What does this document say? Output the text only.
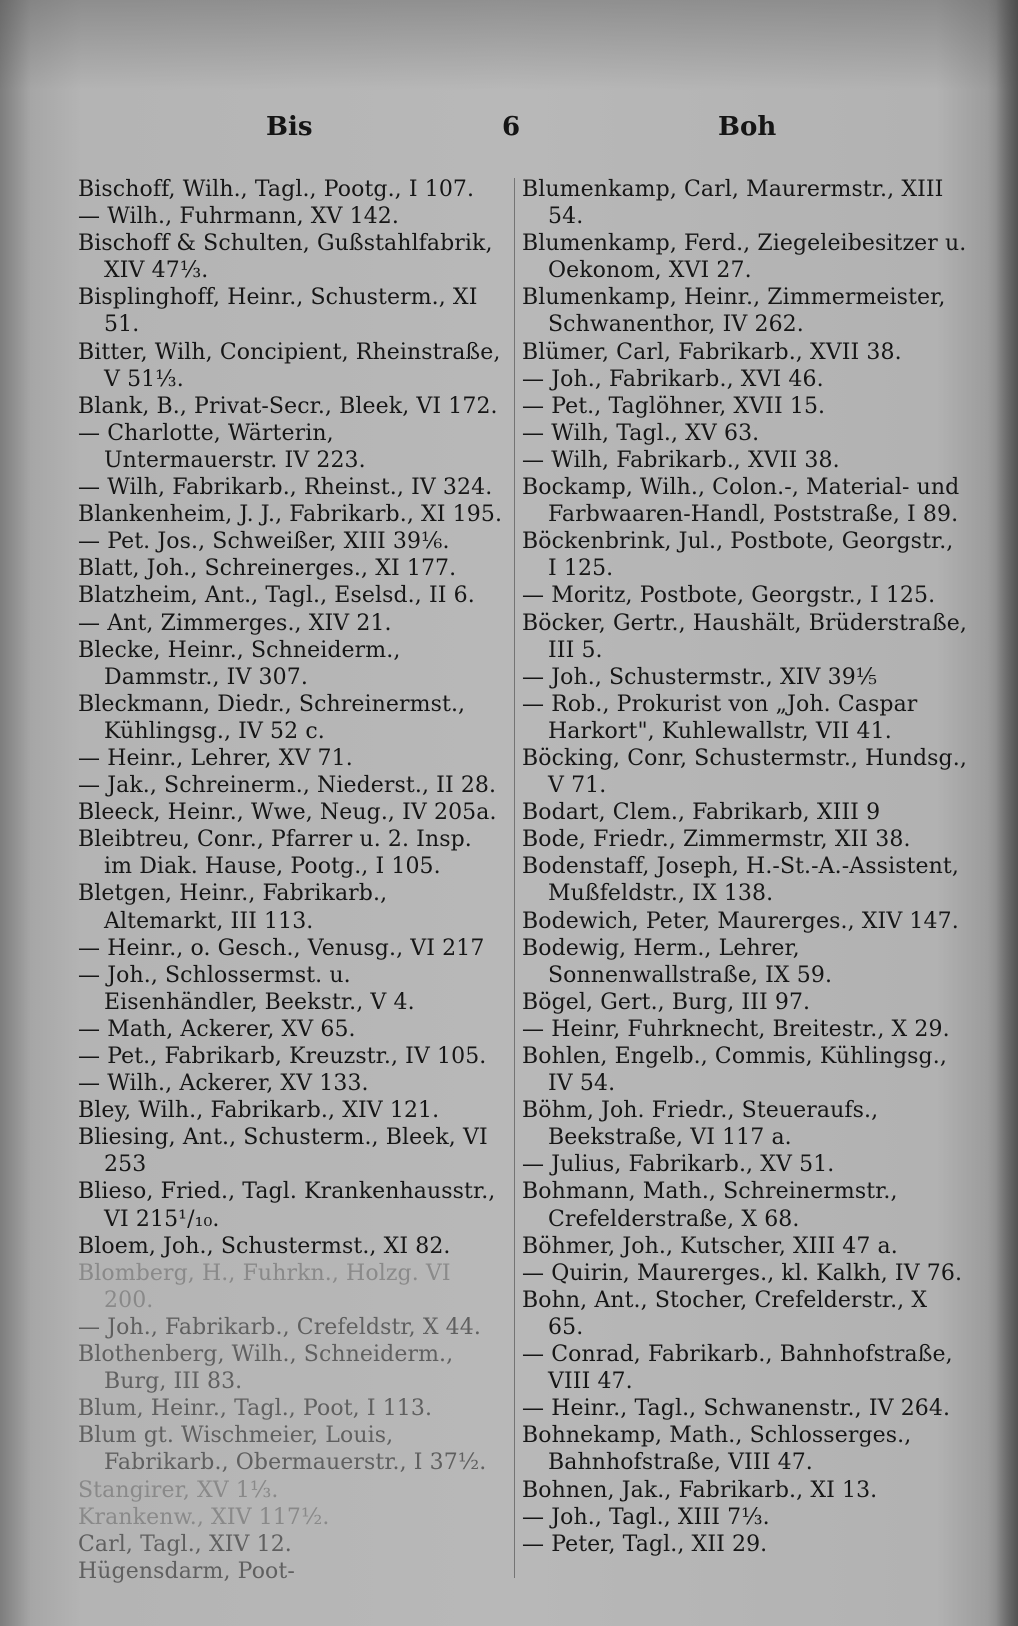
Bis	6	Boh
Bischoff, Wilh., Tagl., Pootg., I 107.
— Wilh., Fuhrmann, XV 142.
Bischoff & Schulten, Gußstahlfabrik, XIV 47⅓.
Bisplinghoff, Heinr., Schusterm., XI 51.
Bitter, Wilh, Concipient, Rheinstraße, V 51⅓.
Blank, B., Privat-Secr., Bleek, VI 172.
— Charlotte, Wärterin, Untermauerstr. IV 223.
— Wilh, Fabrikarb., Rheinst., IV 324.
Blankenheim, J. J., Fabrikarb., XI 195.
— Pet. Jos., Schweißer, XIII 39⅙.
Blatt, Joh., Schreinerges., XI 177.
Blatzheim, Ant., Tagl., Eselsd., II 6.
— Ant, Zimmerges., XIV 21.
Blecke, Heinr., Schneiderm., Dammstr., IV 307.
Bleckmann, Diedr., Schreinermst., Kühlingsg., IV 52 c.
— Heinr., Lehrer, XV 71.
— Jak., Schreinerm., Niederst., II 28.
Bleeck, Heinr., Wwe, Neug., IV 205a.
Bleibtreu, Conr., Pfarrer u. 2. Insp. im Diak. Hause, Pootg., I 105.
Bletgen, Heinr., Fabrikarb., Altemarkt, III 113.
— Heinr., o. Gesch., Venusg., VI 217
— Joh., Schlossermst. u. Eisenhändler, Beekstr., V 4.
— Math, Ackerer, XV 65.
— Pet., Fabrikarb, Kreuzstr., IV 105.
— Wilh., Ackerer, XV 133.
Bley, Wilh., Fabrikarb., XIV 121.
Bliesing, Ant., Schusterm., Bleek, VI 253
Blieso, Fried., Tagl. Krankenhausstr., VI 215¹/₁₀.
Bloem, Joh., Schustermst., XI 82.
Blomberg, H., Fuhrkn., Holzg. VI 200.
— Joh., Fabrikarb., Crefeldstr, X 44.
Blothenberg, Wilh., Schneiderm., Burg, III 83.
Blum, Heinr., Tagl., Poot, I 113.
Blum gt. Wischmeier, Louis, Fabrikarb., Obermauerstr., I 37½.
Stangirer, XV 1⅓.
Krankenw., XIV 117½.
Carl, Tagl., XIV 12.
Hügensdarm, Poot-
Blumenkamp, Carl, Maurermstr., XIII 54.
Blumenkamp, Ferd., Ziegeleibesitzer u. Oekonom, XVI 27.
Blumenkamp, Heinr., Zimmermeister, Schwanenthor, IV 262.
Blümer, Carl, Fabrikarb., XVII 38.
— Joh., Fabrikarb., XVI 46.
— Pet., Taglöhner, XVII 15.
— Wilh, Tagl., XV 63.
— Wilh, Fabrikarb., XVII 38.
Bockamp, Wilh., Colon.-, Material- und Farbwaaren-Handl, Poststraße, I 89.
Böckenbrink, Jul., Postbote, Georgstr., I 125.
— Moritz, Postbote, Georgstr., I 125.
Böcker, Gertr., Haushält, Brüderstraße, III 5.
— Joh., Schustermstr., XIV 39⅕
— Rob., Prokurist von „Joh. Caspar Harkort", Kuhlewallstr, VII 41.
Böcking, Conr, Schustermstr., Hundsg., V 71.
Bodart, Clem., Fabrikarb, XIII 9
Bode, Friedr., Zimmermstr, XII 38.
Bodenstaff, Joseph, H.-St.-A.-Assistent, Mußfeldstr., IX 138.
Bodewich, Peter, Maurerges., XIV 147.
Bodewig, Herm., Lehrer, Sonnenwallstraße, IX 59.
Bögel, Gert., Burg, III 97.
— Heinr, Fuhrknecht, Breitestr., X 29.
Bohlen, Engelb., Commis, Kühlingsg., IV 54.
Böhm, Joh. Friedr., Steueraufs., Beekstraße, VI 117 a.
— Julius, Fabrikarb., XV 51.
Bohmann, Math., Schreinermstr., Crefelderstraße, X 68.
Böhmer, Joh., Kutscher, XIII 47 a.
— Quirin, Maurerges., kl. Kalkh, IV 76.
Bohn, Ant., Stocher, Crefelderstr., X 65.
— Conrad, Fabrikarb., Bahnhofstraße, VIII 47.
— Heinr., Tagl., Schwanenstr., IV 264.
Bohnekamp, Math., Schlosserges., Bahnhofstraße, VIII 47.
Bohnen, Jak., Fabrikarb., XI 13.
— Joh., Tagl., XIII 7⅓.
— Peter, Tagl., XII 29.
